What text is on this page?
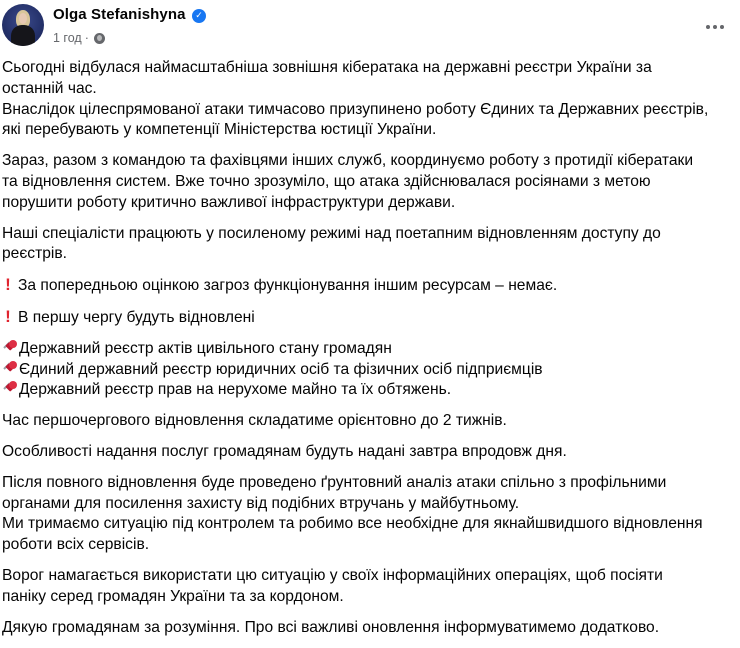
Olga Stefanishyna	✓
1 год ·
Сьогодні відбулася наймасштабніша зовнішня кібератака на державні реєстри України за
останній час.
Внаслідок цілеспрямованої атаки тимчасово призупинено роботу Єдиних та Державних реєстрів,
які перебувають у компетенції Міністерства юстиції України.
Зараз, разом з командою та фахівцями інших служб, координуємо роботу з протидії кібератаки
та відновлення систем. Вже точно зрозуміло, що атака здійснювалася росіянами з метою
порушити роботу критично важливої інфраструктури держави.
Наші спеціалісти працюють у посиленому режимі над поетапним відновленням доступу до
реєстрів.
! За попередньою оцінкою загроз функціонування іншим ресурсам – немає.
! В першу чергу будуть відновлені
Державний реєстр актів цивільного стану громадян
Єдиний державний реєстр юридичних осіб та фізичних осіб підприємців
Державний реєстр прав на нерухоме майно та їх обтяжень.
Час першочергового відновлення складатиме орієнтовно до 2 тижнів.
Особливості надання послуг громадянам будуть надані завтра впродовж дня.
Після повного відновлення буде проведено ґрунтовний аналіз атаки спільно з профільними
органами для посилення захисту від подібних втручань у майбутньому.
Ми тримаємо ситуацію під контролем та робимо все необхідне для якнайшвидшого відновлення
роботи всіх сервісів.
Ворог намагається використати цю ситуацію у своїх інформаційних операціях, щоб посіяти
паніку серед громадян України та за кордоном.
Дякую громадянам за розуміння. Про всі важливі оновлення інформуватимемо додатково.
